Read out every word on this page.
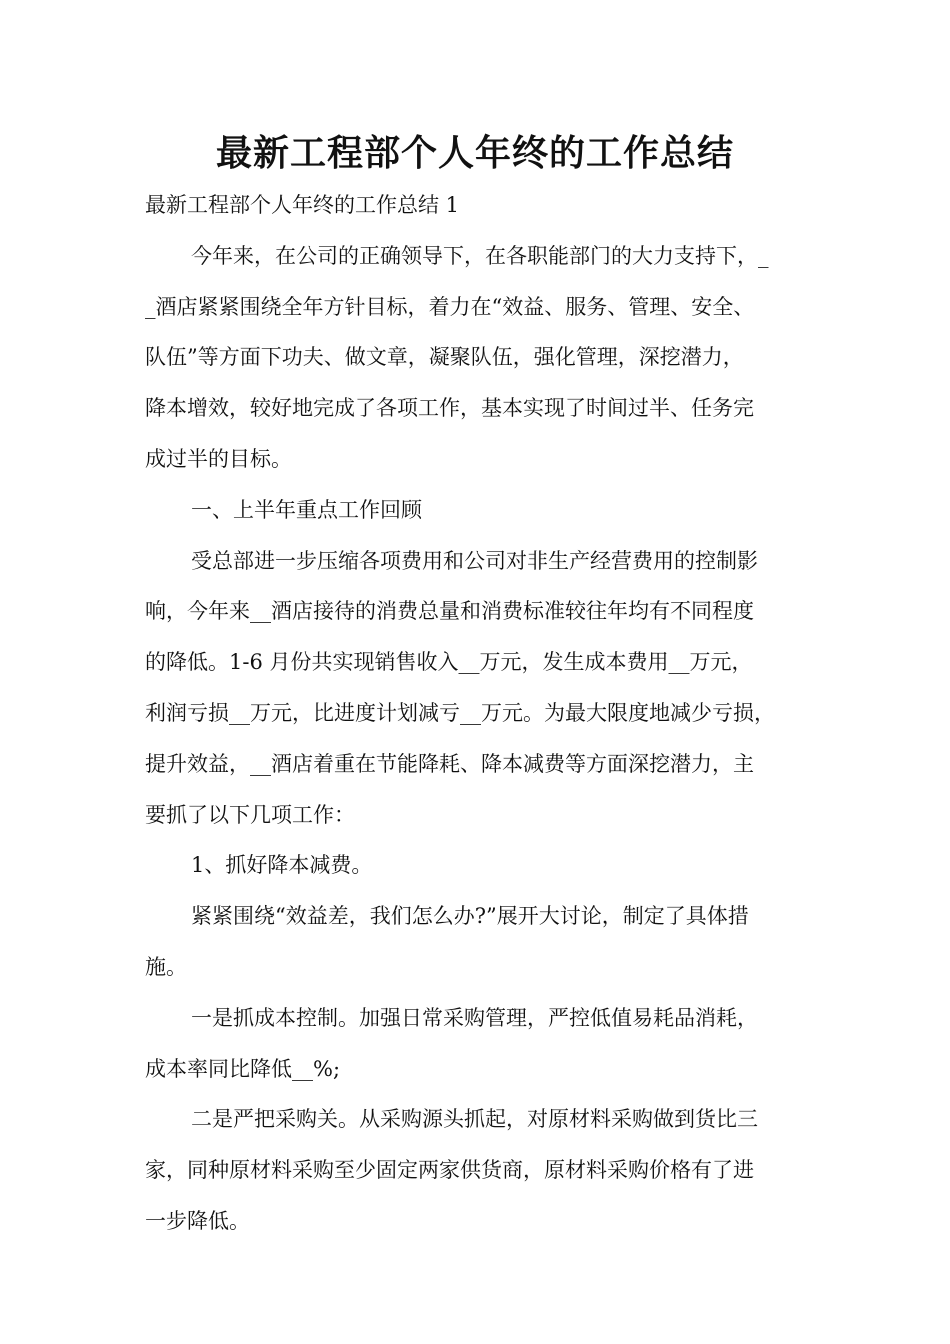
最新工程部个人年终的工作总结

最新工程部个人年终的工作总结 1

今年来，在公司的正确领导下，在各职能部门的大力支持下，_
_酒店紧紧围绕全年方针目标，着力在“效益、服务、管理、安全、
队伍”等方面下功夫、做文章，凝聚队伍，强化管理，深挖潜力，
降本增效，较好地完成了各项工作，基本实现了时间过半、任务完
成过半的目标。

一、上半年重点工作回顾

受总部进一步压缩各项费用和公司对非生产经营费用的控制影
响，今年来__酒店接待的消费总量和消费标准较往年均有不同程度
的降低。1-6 月份共实现销售收入__万元，发生成本费用__万元，
利润亏损__万元，比进度计划减亏__万元。为最大限度地减少亏损，
提升效益，__酒店着重在节能降耗、降本减费等方面深挖潜力，主
要抓了以下几项工作：

1、抓好降本减费。

紧紧围绕“效益差，我们怎么办?”展开大讨论，制定了具体措
施。

一是抓成本控制。加强日常采购管理，严控低值易耗品消耗，
成本率同比降低__%;

二是严把采购关。从采购源头抓起，对原材料采购做到货比三
家，同种原材料采购至少固定两家供货商，原材料采购价格有了进
一步降低。
